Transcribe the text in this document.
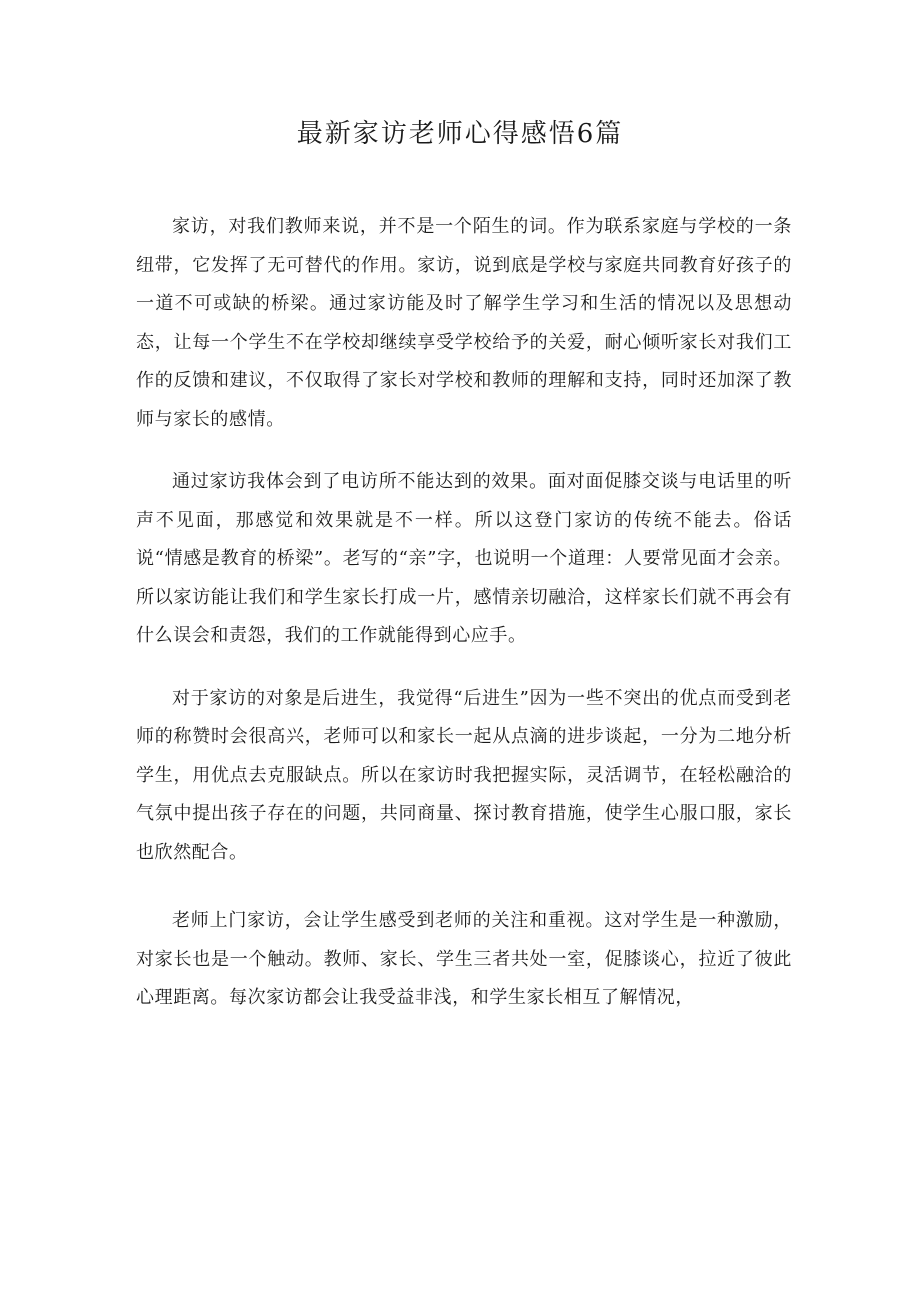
最新家访老师心得感悟6篇

家访，对我们教师来说，并不是一个陌生的词。作为联系家庭与学校的一条纽带，它发挥了无可替代的作用。家访，说到底是学校与家庭共同教育好孩子的一道不可或缺的桥梁。通过家访能及时了解学生学习和生活的情况以及思想动态，让每一个学生不在学校却继续享受学校给予的关爱，耐心倾听家长对我们工作的反馈和建议，不仅取得了家长对学校和教师的理解和支持，同时还加深了教师与家长的感情。

通过家访我体会到了电访所不能达到的效果。面对面促膝交谈与电话里的听声不见面，那感觉和效果就是不一样。所以这登门家访的传统不能去。俗话说“情感是教育的桥梁”。老写的“亲”字，也说明一个道理：人要常见面才会亲。所以家访能让我们和学生家长打成一片，感情亲切融洽，这样家长们就不再会有什么误会和责怨，我们的工作就能得到心应手。

对于家访的对象是后进生，我觉得“后进生”因为一些不突出的优点而受到老师的称赞时会很高兴，老师可以和家长一起从点滴的进步谈起，一分为二地分析学生，用优点去克服缺点。所以在家访时我把握实际，灵活调节，在轻松融洽的气氛中提出孩子存在的问题，共同商量、探讨教育措施，使学生心服口服，家长也欣然配合。

老师上门家访，会让学生感受到老师的关注和重视。这对学生是一种激励，对家长也是一个触动。教师、家长、学生三者共处一室，促膝谈心，拉近了彼此心理距离。每次家访都会让我受益非浅，和学生家长相互了解情况，
